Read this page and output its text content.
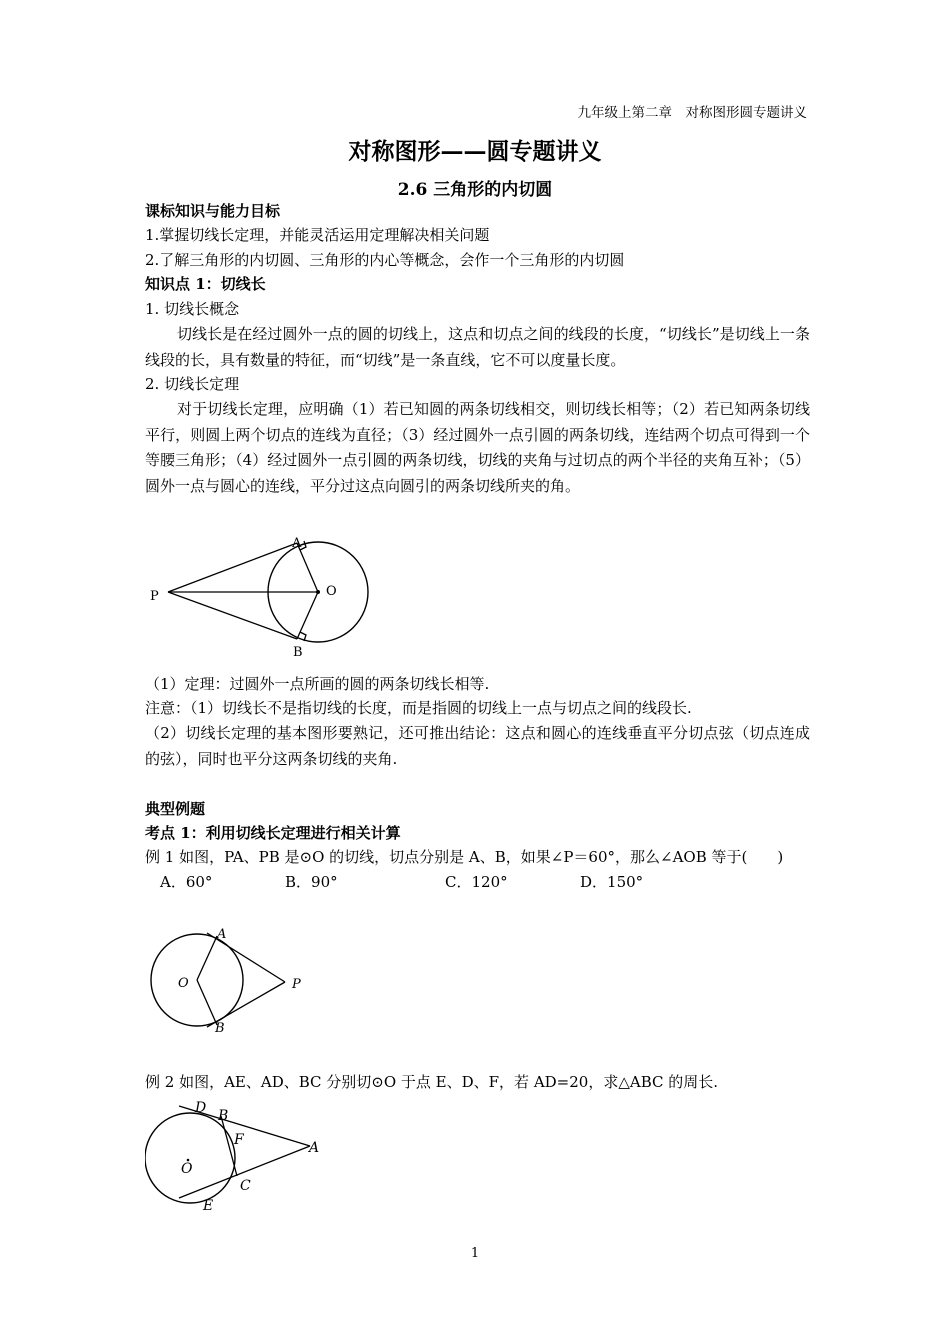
九年级上第二章　对称图形圆专题讲义
对称图形——圆专题讲义
2.6 三角形的内切圆
课标知识与能力目标
1.掌握切线长定理，并能灵活运用定理解决相关问题
2.了解三角形的内切圆、三角形的内心等概念，会作一个三角形的内切圆
知识点 1：切线长
1. 切线长概念
切线长是在经过圆外一点的圆的切线上，这点和切点之间的线段的长度，“切线长”是切线上一条线段的长，具有数量的特征，而“切线”是一条直线，它不可以度量长度。
2. 切线长定理
对于切线长定理，应明确（1）若已知圆的两条切线相交，则切线长相等；（2）若已知两条切线平行，则圆上两个切点的连线为直径；（3）经过圆外一点引圆的两条切线，连结两个切点可得到一个等腰三角形；（4）经过圆外一点引圆的两条切线，切线的夹角与过切点的两个半径的夹角互补；（5）圆外一点与圆心的连线，平分过这点向圆引的两条切线所夹的角。
A
B
P	O
（1）定理：过圆外一点所画的圆的两条切线长相等.
注意：（1）切线长不是指切线的长度，而是指圆的切线上一点与切点之间的线段长.
（2）切线长定理的基本图形要熟记，还可推出结论：这点和圆心的连线垂直平分切点弦（切点连成的弦），同时也平分这两条切线的夹角.
典型例题
考点 1：利用切线长定理进行相关计算
例 1 如图，PA、PB 是⊙O 的切线，切点分别是 A、B，如果∠P＝60°，那么∠AOB 等于(　　)
A．60°	B．90°	C．120°	D．150°
A
B
O	P
例 2 如图，AE、AD、BC 分别切⊙O 于点 E、D、F，若 AD=20，求△ABC 的周长.
D B
F	A
O
C
E
1
